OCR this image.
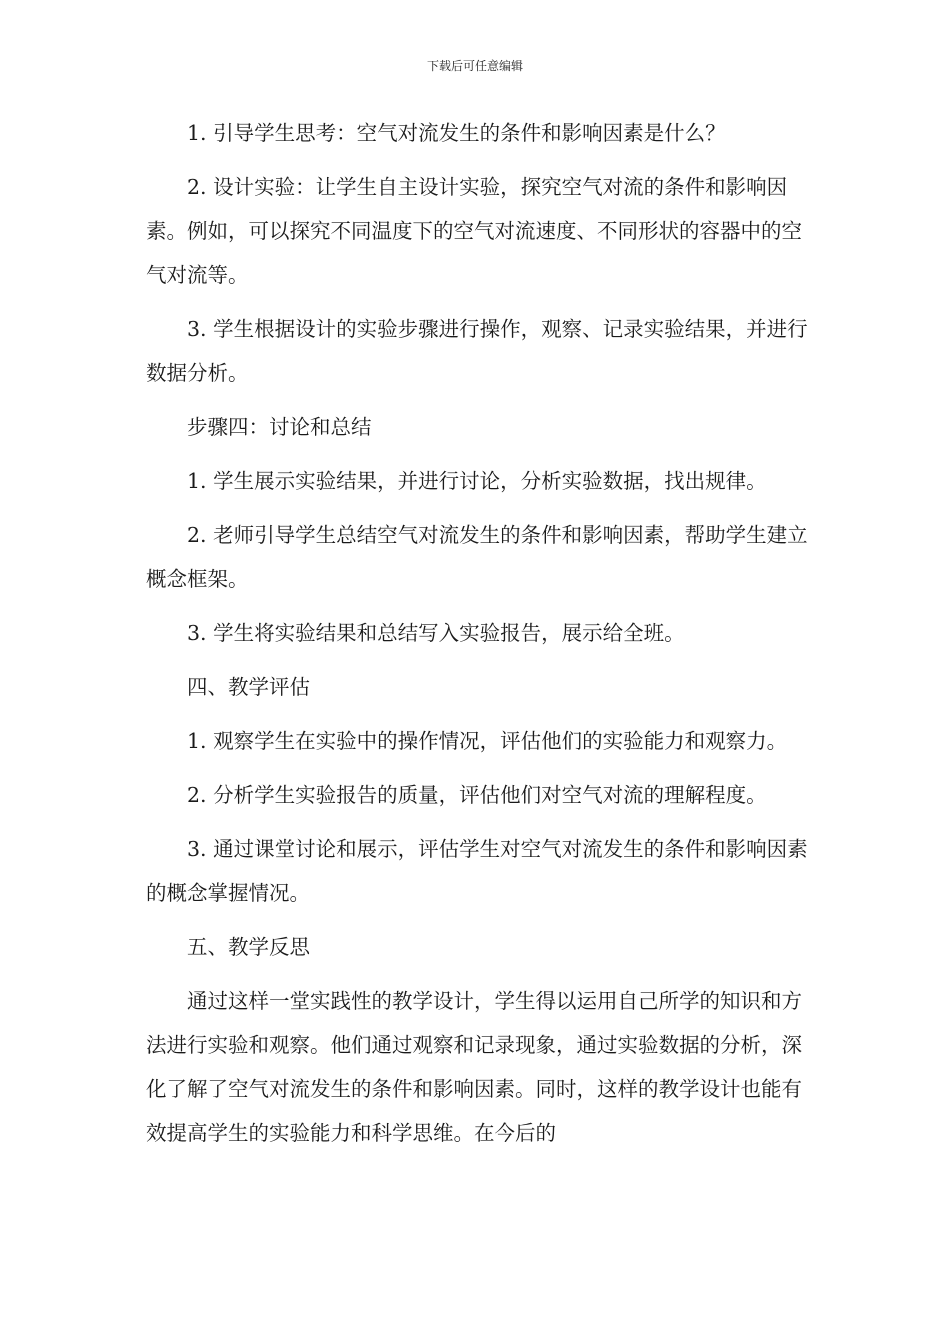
下载后可任意编辑

1. 引导学生思考：空气对流发生的条件和影响因素是什么？

2. 设计实验：让学生自主设计实验，探究空气对流的条件和影响因素。例如，可以探究不同温度下的空气对流速度、不同形状的容器中的空气对流等。

3. 学生根据设计的实验步骤进行操作，观察、记录实验结果，并进行数据分析。

步骤四：讨论和总结

1. 学生展示实验结果，并进行讨论，分析实验数据，找出规律。

2. 老师引导学生总结空气对流发生的条件和影响因素，帮助学生建立概念框架。

3. 学生将实验结果和总结写入实验报告，展示给全班。

四、教学评估

1. 观察学生在实验中的操作情况，评估他们的实验能力和观察力。

2. 分析学生实验报告的质量，评估他们对空气对流的理解程度。

3. 通过课堂讨论和展示，评估学生对空气对流发生的条件和影响因素的概念掌握情况。

五、教学反思

通过这样一堂实践性的教学设计，学生得以运用自己所学的知识和方法进行实验和观察。他们通过观察和记录现象，通过实验数据的分析，深化了解了空气对流发生的条件和影响因素。同时，这样的教学设计也能有效提高学生的实验能力和科学思维。在今后的
